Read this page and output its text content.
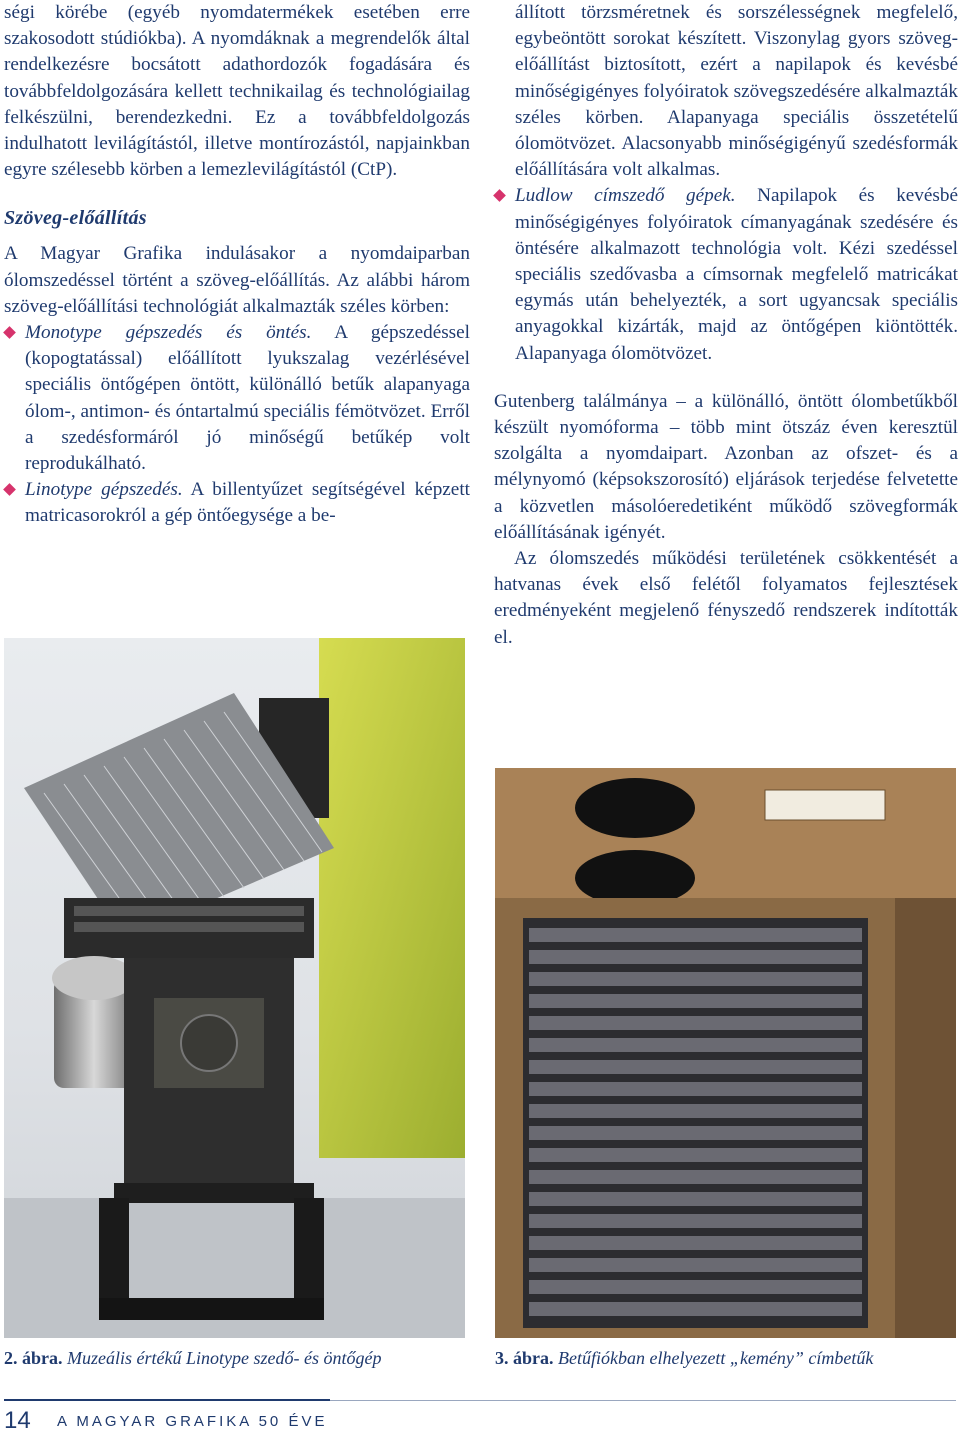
ségi körébe (egyéb nyomdatermékek esetében erre szakosodott stúdiókba). A nyomdáknak a megrendelők által rendelkezésre bocsátott adathordozók fogadására és továbbfeldolgozására kellett technikailag és technológiailag felkészülni, berendezkedni. Ez a továbbfeldolgozás indulhatott levilágítástól, illetve montírozástól, napjainkban egyre szélesebb körben a lemezlevilágítástól (CtP).

Szöveg-előállítás

A Magyar Grafika indulásakor a nyomdaiparban ólomszedéssel történt a szöveg-előállítás. Az alábbi három szöveg-előállítási technológiát alkalmazták széles körben:

Monotype gépszedés és öntés. A gépszedéssel (kopogtatással) előállított lyukszalag vezérlésével speciális öntőgépen öntött, különálló betűk alapanyaga ólom-, antimon- és óntartalmú speciális fémötvözet. Erről a szedésformáról jó minőségű betűkép volt reprodukálható.
Linotype gépszedés. A billentyűzet segítségével képzett matricasorokról a gép öntőegysége a be-
állított törzsméretnek és sorszélességnek megfelelő, egybeöntött sorokat készített. Viszonylag gyors szöveg-előállítást biztosított, ezért a napilapok és kevésbé minőségigényes folyóiratok szövegszedésére alkalmazták széles körben. Alapanyaga speciális összetételű ólomötvözet. Alacsonyabb minőségigényű szedésformák előállítására volt alkalmas.
Ludlow címszedő gépek. Napilapok és kevésbé minőségigényes folyóiratok címanyagának szedésére és öntésére alkalmazott technológia volt. Kézi szedéssel speciális szedővasba a címsornak megfelelő matricákat egymás után behelyezték, a sort ugyancsak speciális anyagokkal kizárták, majd az öntőgépen kiöntötték. Alapanyaga ólomötvözet.

Gutenberg találmánya – a különálló, öntött ólombetűkből készült nyomóforma – több mint ötszáz éven keresztül szolgálta a nyomdaipart. Azonban az ofszet- és a mélynyomó (képsokszorosító) eljárások terjedése felvetette a közvetlen másolóeredetiként működő szövegformák előállításának igényét.

Az ólomszedés működési területének csökkentését a hatvanas évek első felétől folyamatos fejlesztések eredményeként megjelenő fényszedő rendszerek indították el.

2. ábra. Muzeális értékű Linotype szedő- és öntőgép	3. ábra. Betűfiókban elhelyezett „kemény” címbetűk

14 A MAGYAR GRAFIKA 50 ÉVE
